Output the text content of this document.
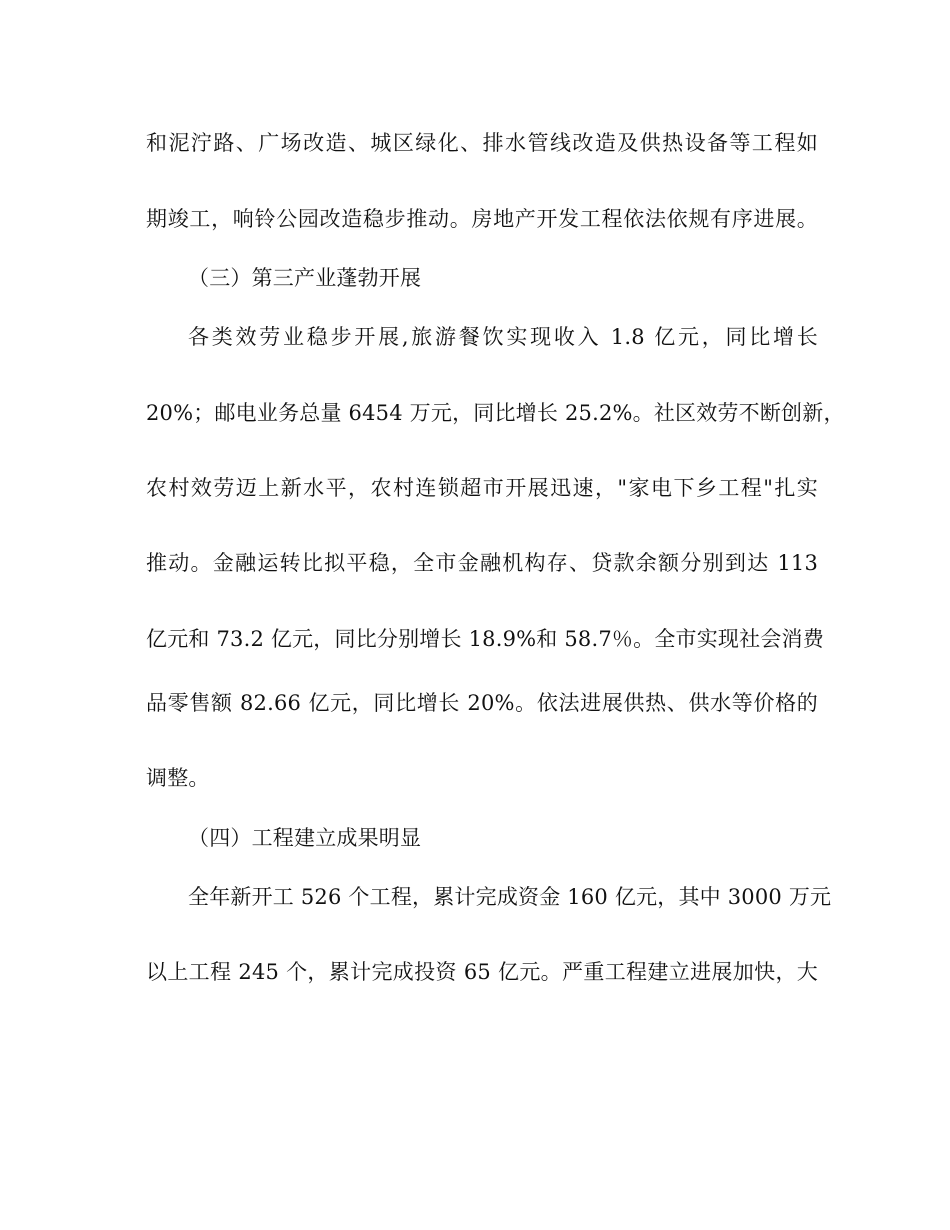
和泥泞路、广场改造、城区绿化、排水管线改造及供热设备等工程如
期竣工，响铃公园改造稳步推动。房地产开发工程依法依规有序进展。
（三）第三产业蓬勃开展
各类效劳业稳步开展,旅游餐饮实现收入 1.8 亿元，同比增长
20%；邮电业务总量 6454 万元，同比增长 25.2%。社区效劳不断创新，
农村效劳迈上新水平，农村连锁超市开展迅速，"家电下乡工程"扎实
推动。金融运转比拟平稳，全市金融机构存、贷款余额分别到达 113
亿元和 73.2 亿元，同比分别增长 18.9%和 58.7％。全市实现社会消费
品零售额 82.66 亿元，同比增长 20%。依法进展供热、供水等价格的
调整。
（四）工程建立成果明显
全年新开工 526 个工程，累计完成资金 160 亿元，其中 3000 万元
以上工程 245 个，累计完成投资 65 亿元。严重工程建立进展加快，大
